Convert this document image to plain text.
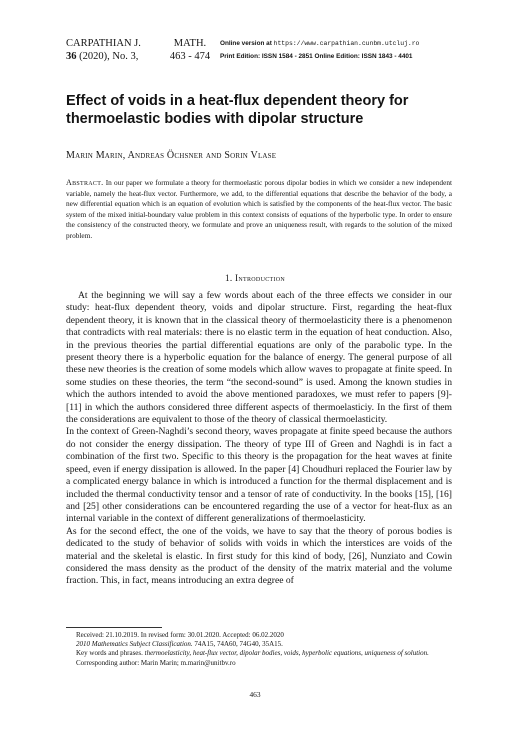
CARPATHIAN J.
36 (2020), No. 3,
MATH.
463 - 474
Online version at https://www.carpathian.cunbm.utcluj.ro
Print Edition: ISSN 1584 - 2851 Online Edition: ISSN 1843 - 4401
Effect of voids in a heat-flux dependent theory for thermoelastic bodies with dipolar structure
Marin Marin, Andreas Öchsner and Sorin Vlase
Abstract. In our paper we formulate a theory for thermoelastic porous dipolar bodies in which we consider a new independent variable, namely the heat-flux vector. Furthermore, we add, to the differential equations that describe the behavior of the body, a new differential equation which is an equation of evolution which is satisfied by the components of the heat-flux vector. The basic system of the mixed initial-boundary value problem in this context consists of equations of the hyperbolic type. In order to ensure the consistency of the constructed theory, we formulate and prove an uniqueness result, with regards to the solution of the mixed problem.
1. Introduction

At the beginning we will say a few words about each of the three effects we consider in our study: heat-flux dependent theory, voids and dipolar structure. First, regarding the heat-flux dependent theory, it is known that in the classical theory of thermoelasticity there is a phenomenon that contradicts with real materials: there is no elastic term in the equation of heat conduction. Also, in the previous theories the partial differential equations are only of the parabolic type. In the present theory there is a hyperbolic equation for the balance of energy. The general purpose of all these new theories is the creation of some models which allow waves to propagate at finite speed. In some studies on these theories, the term “the second-sound” is used. Among the known studies in which the authors intended to avoid the above mentioned paradoxes, we must refer to papers [9]-[11] in which the authors considered three different aspects of thermoelasticiy. In the first of them the considerations are equivalent to those of the theory of classical thermoelasticity.

In the context of Green-Naghdi’s second theory, waves propagate at finite speed because the authors do not consider the energy dissipation. The theory of type III of Green and Naghdi is in fact a combination of the first two. Specific to this theory is the propagation for the heat waves at finite speed, even if energy dissipation is allowed. In the paper [4] Choudhuri replaced the Fourier law by a complicated energy balance in which is introduced a function for the thermal displacement and is included the thermal conductivity tensor and a tensor of rate of conductivity. In the books [15], [16] and [25] other considerations can be encountered regarding the use of a vector for heat-flux as an internal variable in the context of different generalizations of thermoelasticity.

As for the second effect, the one of the voids, we have to say that the theory of porous bodies is dedicated to the study of behavior of solids with voids in which the interstices are voids of the material and the skeletal is elastic. In first study for this kind of body, [26], Nunziato and Cowin considered the mass density as the product of the density of the matrix material and the volume fraction. This, in fact, means introducing an extra degree of

Received: 21.10.2019. In revised form: 30.01.2020. Accepted: 06.02.2020

2010 Mathematics Subject Classification. 74A15, 74A60, 74G40, 35A15.

Key words and phrases. thermoelasticity, heat-flux vector, dipolar bodies, voids, hyperbolic equations, uniqueness of solution.

Corresponding author: Marin Marin; m.marin@unitbv.ro

463
